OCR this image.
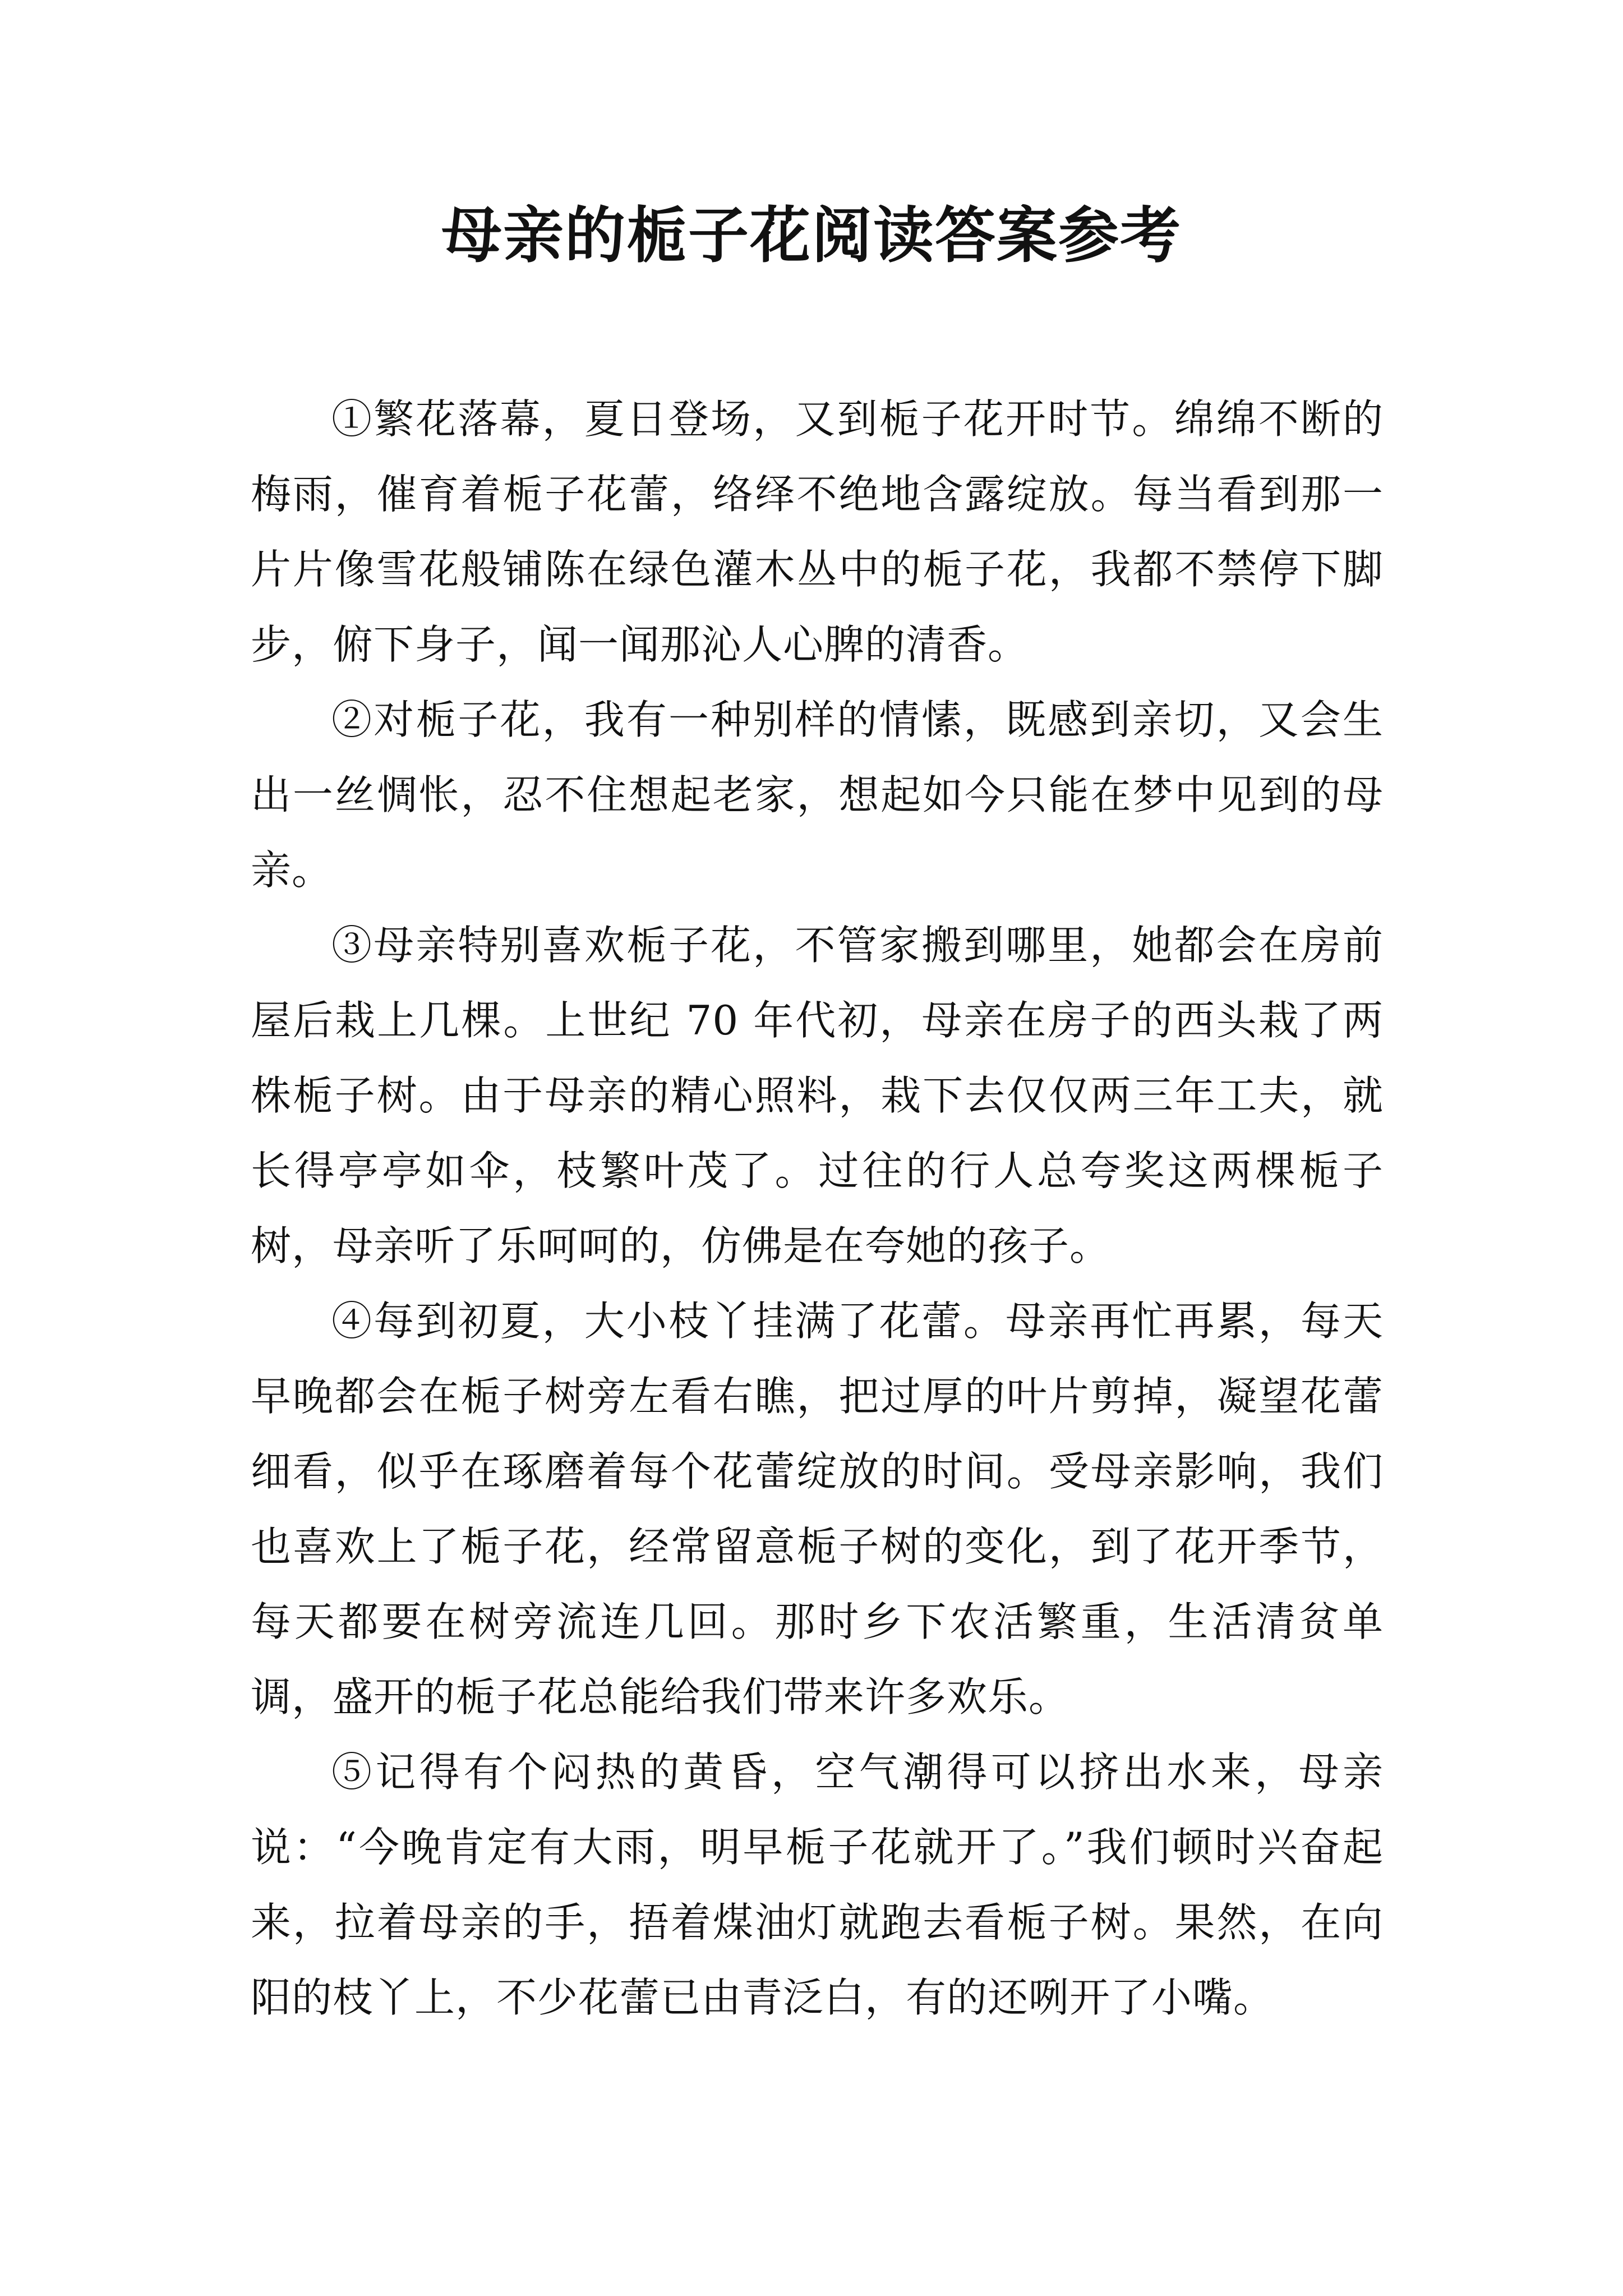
母亲的栀子花阅读答案参考

①繁花落幕，夏日登场，又到栀子花开时节。绵绵不断的梅雨，催育着栀子花蕾，络绎不绝地含露绽放。每当看到那一片片像雪花般铺陈在绿色灌木丛中的栀子花，我都不禁停下脚步，俯下身子，闻一闻那沁人心脾的清香。

②对栀子花，我有一种别样的情愫，既感到亲切，又会生出一丝惆怅，忍不住想起老家，想起如今只能在梦中见到的母亲。

③母亲特别喜欢栀子花，不管家搬到哪里，她都会在房前屋后栽上几棵。上世纪 70 年代初，母亲在房子的西头栽了两株栀子树。由于母亲的精心照料，栽下去仅仅两三年工夫，就长得亭亭如伞，枝繁叶茂了。过往的行人总夸奖这两棵栀子树，母亲听了乐呵呵的，仿佛是在夸她的孩子。

④每到初夏，大小枝丫挂满了花蕾。母亲再忙再累，每天早晚都会在栀子树旁左看右瞧，把过厚的叶片剪掉，凝望花蕾细看，似乎在琢磨着每个花蕾绽放的时间。受母亲影响，我们也喜欢上了栀子花，经常留意栀子树的变化，到了花开季节，每天都要在树旁流连几回。那时乡下农活繁重，生活清贫单调，盛开的栀子花总能给我们带来许多欢乐。

⑤记得有个闷热的黄昏，空气潮得可以挤出水来，母亲说：“今晚肯定有大雨，明早栀子花就开了。”我们顿时兴奋起来，拉着母亲的手，捂着煤油灯就跑去看栀子树。果然，在向阳的枝丫上，不少花蕾已由青泛白，有的还咧开了小嘴。
